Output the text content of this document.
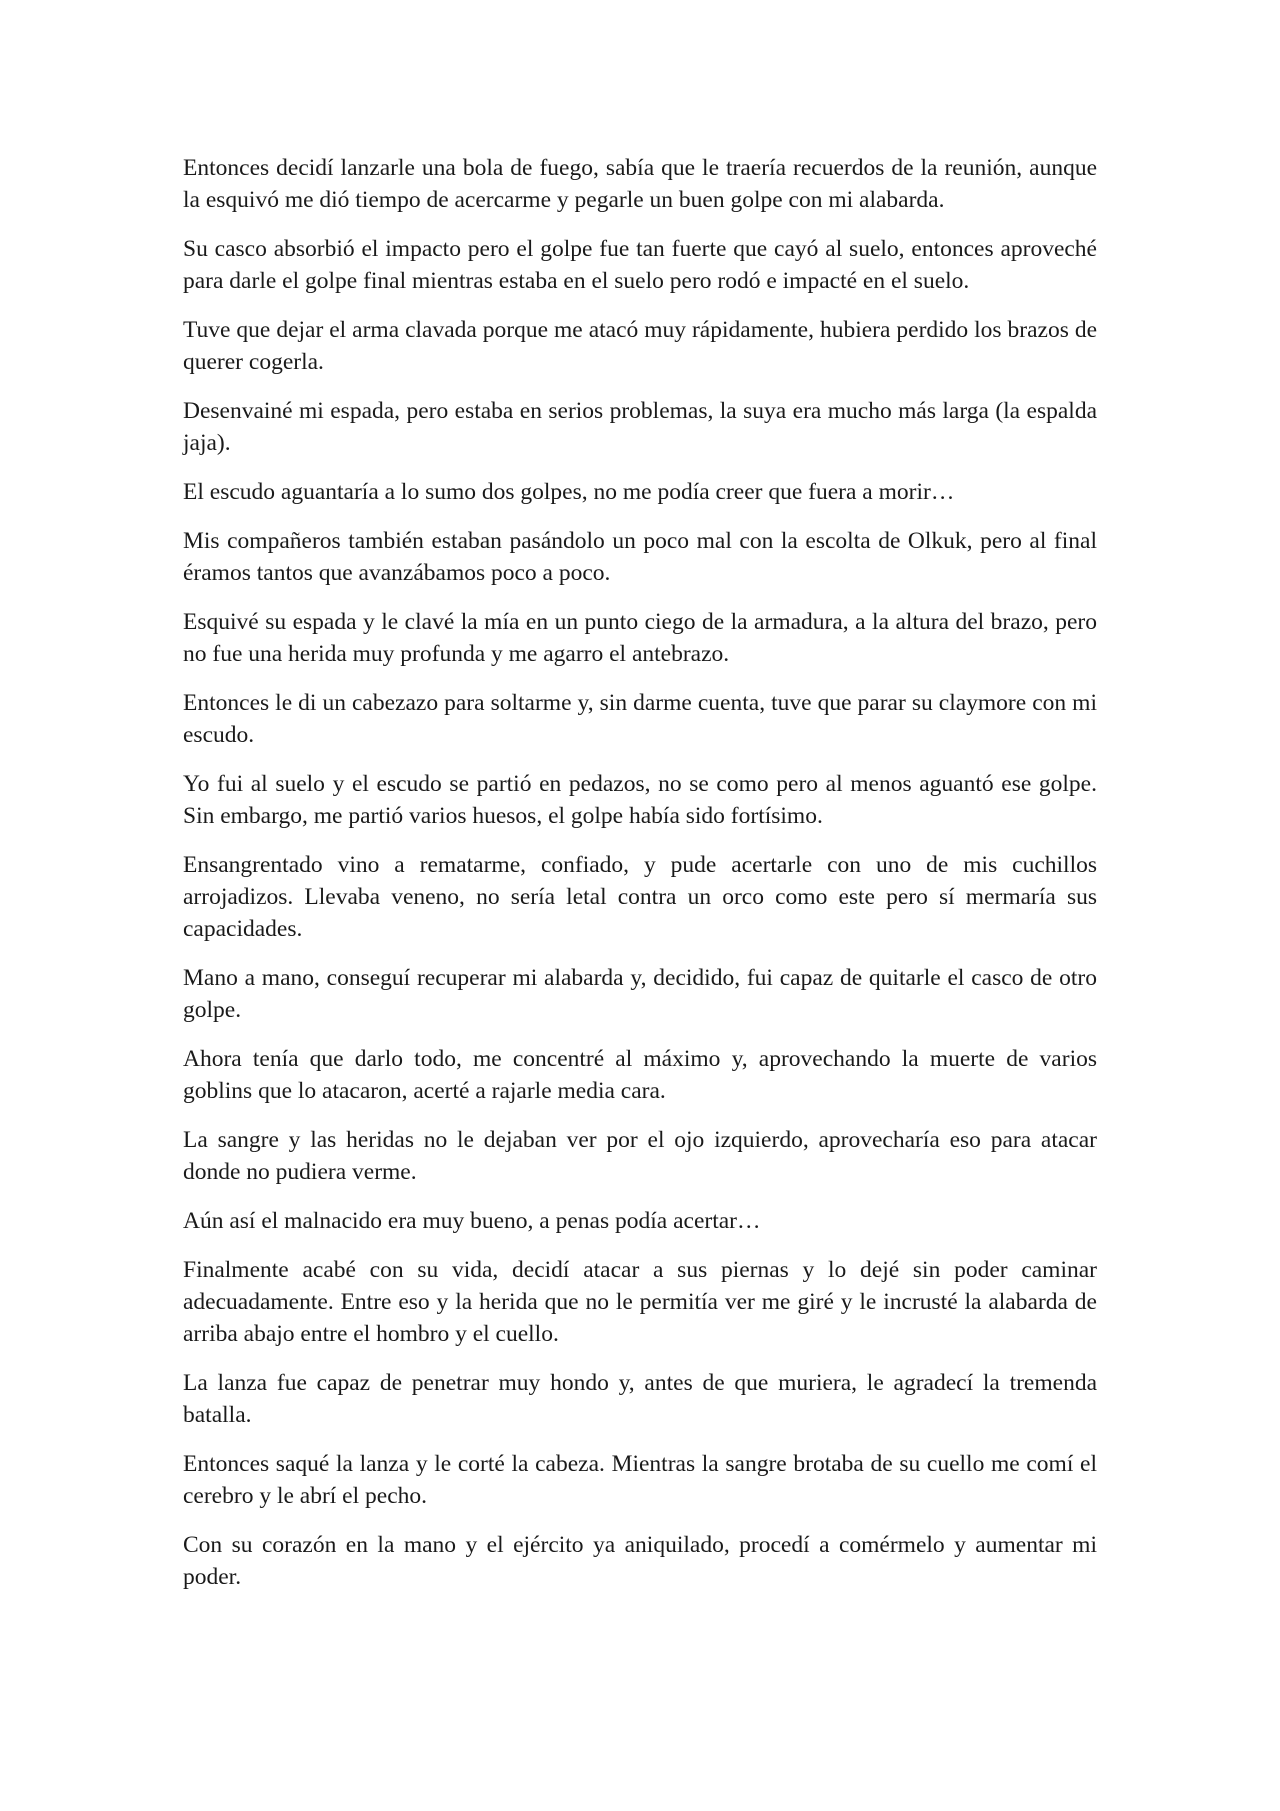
Entonces decidí lanzarle una bola de fuego, sabía que le traería recuerdos de la reunión, aunque la esquivó me dió tiempo de acercarme y pegarle un buen golpe con mi alabarda.

Su casco absorbió el impacto pero el golpe fue tan fuerte que cayó al suelo, entonces aproveché para darle el golpe final mientras estaba en el suelo pero rodó e impacté en el suelo.

Tuve que dejar el arma clavada porque me atacó muy rápidamente, hubiera perdido los brazos de querer cogerla.

Desenvainé mi espada, pero estaba en serios problemas, la suya era mucho más larga (la espalda jaja).

El escudo aguantaría a lo sumo dos golpes, no me podía creer que fuera a morir…

Mis compañeros también estaban pasándolo un poco mal con la escolta de Olkuk, pero al final éramos tantos que avanzábamos poco a poco.

Esquivé su espada y le clavé la mía en un punto ciego de la armadura, a la altura del brazo, pero no fue una herida muy profunda y me agarro el antebrazo.

Entonces le di un cabezazo para soltarme y, sin darme cuenta, tuve que parar su claymore con mi escudo.

Yo fui al suelo y el escudo se partió en pedazos, no se como pero al menos aguantó ese golpe. Sin embargo, me partió varios huesos, el golpe había sido fortísimo.

Ensangrentado vino a rematarme, confiado, y pude acertarle con uno de mis cuchillos arrojadizos. Llevaba veneno, no sería letal contra un orco como este pero sí mermaría sus capacidades.

Mano a mano, conseguí recuperar mi alabarda y, decidido, fui capaz de quitarle el casco de otro golpe.

Ahora tenía que darlo todo, me concentré al máximo y, aprovechando la muerte de varios goblins que lo atacaron, acerté a rajarle media cara.

La sangre y las heridas no le dejaban ver por el ojo izquierdo, aprovecharía eso para atacar donde no pudiera verme.

Aún así el malnacido era muy bueno, a penas podía acertar…

Finalmente acabé con su vida, decidí atacar a sus piernas y lo dejé sin poder caminar adecuadamente. Entre eso y la herida que no le permitía ver me giré y le incrusté la alabarda de arriba abajo entre el hombro y el cuello.

La lanza fue capaz de penetrar muy hondo y, antes de que muriera, le agradecí la tremenda batalla.

Entonces saqué la lanza y le corté la cabeza. Mientras la sangre brotaba de su cuello me comí el cerebro y le abrí el pecho.

Con su corazón en la mano y el ejército ya aniquilado, procedí a comérmelo y aumentar mi poder.
